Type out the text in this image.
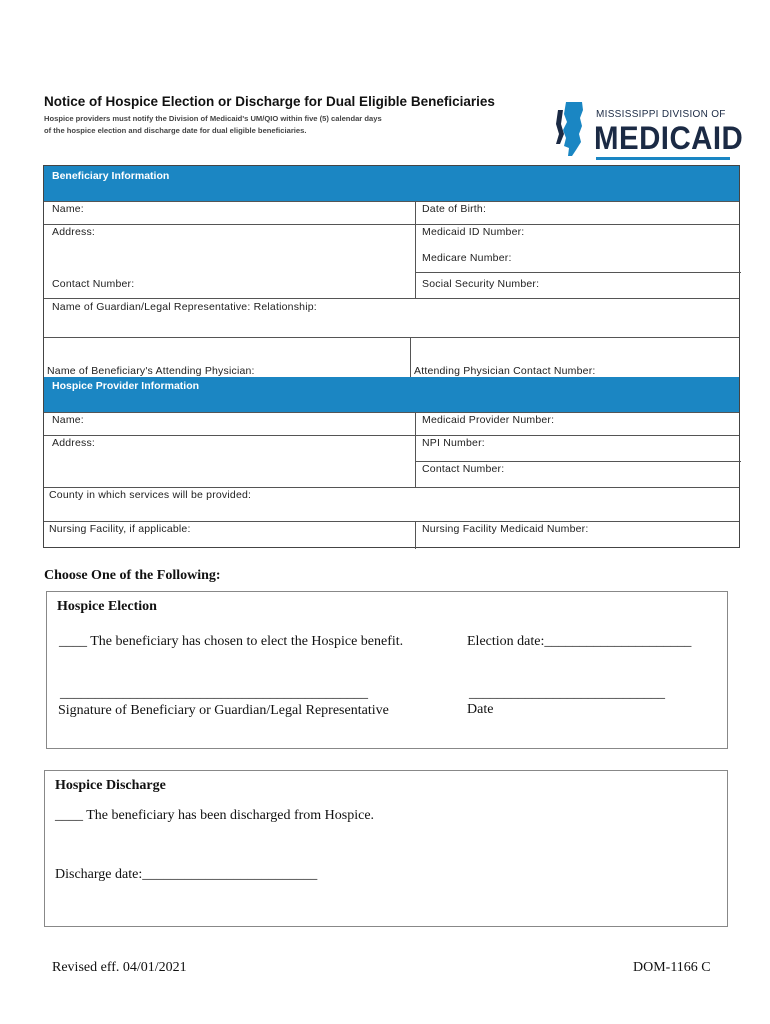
Notice of Hospice Election or Discharge for Dual Eligible Beneficiaries
Hospice providers must notify the Division of Medicaid's UM/QIO within five (5) calendar days
of the hospice election and discharge date for dual eligible beneficiaries.
MISSISSIPPI DIVISION OF
MEDICAID
Beneficiary Information
Name:	Date of Birth:
Address:	Medicaid ID Number:
Medicare Number:
Contact Number:	Social Security Number:
Name of Guardian/Legal Representative: Relationship:
Name of Beneficiary's Attending Physician:	Attending Physician Contact Number:
Hospice Provider Information
Name:	Medicaid Provider Number:
Address:	NPI Number:
Contact Number:
County in which services will be provided:
Nursing Facility, if applicable:	Nursing Facility Medicaid Number:
Choose One of the Following:
Hospice Election
____ The beneficiary has chosen to elect the Hospice benefit.	Election date:_____________________
____________________________________________
Signature of Beneficiary or Guardian/Legal Representative
____________________________
Date
Hospice Discharge
____ The beneficiary has been discharged from Hospice.
Discharge date:_________________________
Revised eff. 04/01/2021	DOM-1166 C
